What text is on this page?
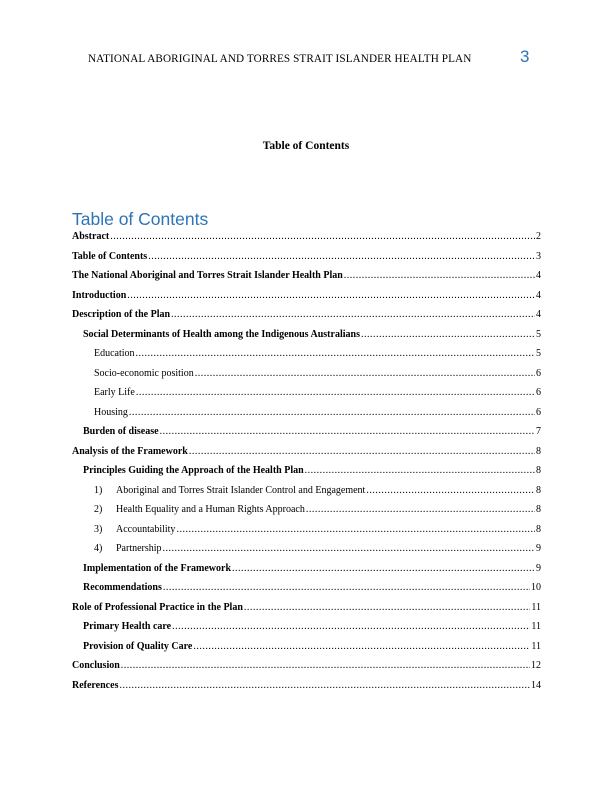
NATIONAL ABORIGINAL AND TORRES STRAIT ISLANDER HEALTH PLAN	3
Table of Contents
Table of Contents
Abstract .....	2
Table of Contents .....	3
The National Aboriginal and Torres Strait Islander Health Plan .....	4
Introduction .....	4
Description of the Plan .....	4
Social Determinants of Health among the Indigenous Australians .....	5
Education .....	5
Socio-economic position .....	6
Early Life .....	6
Housing .....	6
Burden of disease .....	7
Analysis of the Framework .....	8
Principles Guiding the Approach of the Health Plan .....	8
1)	Aboriginal and Torres Strait Islander Control and Engagement .....	8
2)	Health Equality and a Human Rights Approach .....	8
3)	Accountability .....	8
4)	Partnership .....	9
Implementation of the Framework .....	9
Recommendations .....	10
Role of Professional Practice in the Plan .....	11
Primary Health care .....	11
Provision of Quality Care .....	11
Conclusion .....	12
References .....	14
